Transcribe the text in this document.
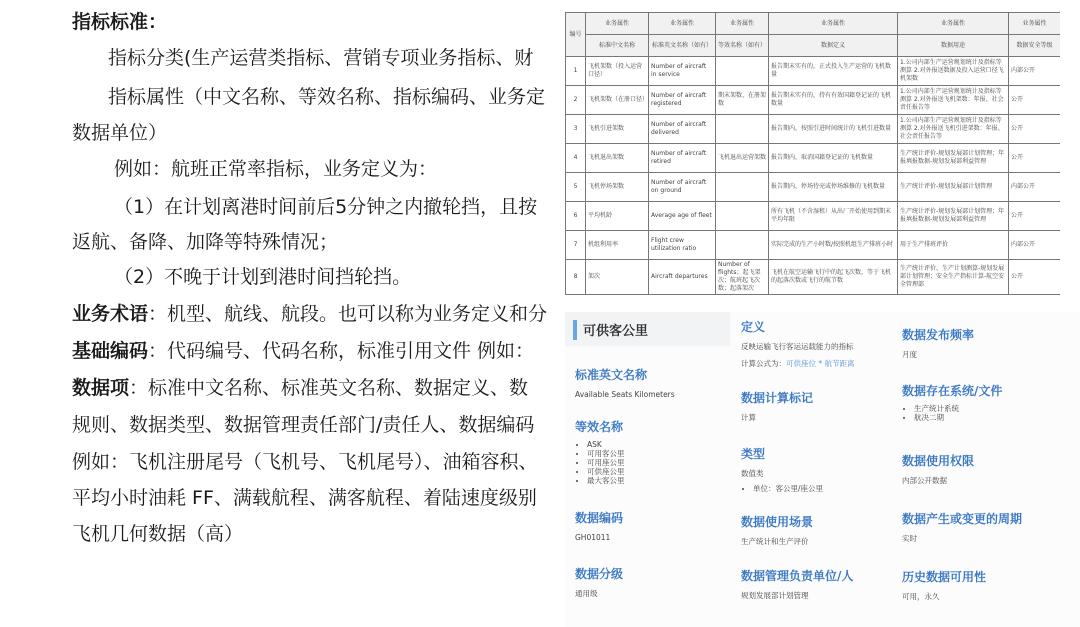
指标标准：
指标分类(生产运营类指标、营销专项业务指标、财
指标属性（中文名称、等效名称、指标编码、业务定
数据单位）
例如：航班正常率指标，业务定义为：
（1）在计划离港时间前后5分钟之内撤轮挡，且按
返航、备降、加降等特殊情况；
（2）不晚于计划到港时间挡轮挡。
业务术语：机型、航线、航段。也可以称为业务定义和分
基础编码：代码编号、代码名称，标准引用文件 例如：
数据项：标准中文名称、标准英文名称、数据定义、数
规则、数据类型、数据管理责任部门/责任人、数据编码
例如：飞机注册尾号（飞机号、飞机尾号）、油箱容积、
平均小时油耗 FF、满载航程、满客航程、着陆速度级别
飞机几何数据（高）
编号	业务属性	业务属性	业务属性	业务属性	业务属性	业务属性
	标准中文名称	标准英文名称（如有）	等效名称（如有）	数据定义	数据用途	数据安全等级
1	飞机架数（投入运营口径）	Number of aircraft in service		报告期末实有的，正式投入生产运营的飞机数量	1.公司内部生产运营规划统计及指标等测算 2.对外报送数据及投入运营口径飞机架数	内部公开
2	飞机架数（在册口径）	Number of aircraft registered	期末架数、在册架数	报告期末实有的，持有有效国籍登记证的飞机数量	1.公司内部生产运营规划统计及指标等测算 2.对外报送飞机架数：年报、社会责任报告等	公开
3	飞机引进架数	Number of aircraft delivered		报告期内，按照引进时间统计的飞机引进数量	1.公司内部生产运营规划统计及指标等测算 2.对外报送飞机引进架数：年报、社会责任报告等	公开
4	飞机退出架数	Number of aircraft retired	飞机退出运营架数	报告期内，取消国籍登记证的飞机数量	生产统计评价-规划发展部计划管理；年报填报数据-规划发展部利益管理	公开
5	飞机停场架数	Number of aircraft on ground		报告期内，停场待売或停场维修的飞机数量	生产统计评价-规划发展部计划管理	内部公开
6	平均机龄	Average age of fleet		所有飞机（不含湿租）从出厂开始使用到期末平均年限	生产统计评价-规划发展部计划管理；年报填报数据-规划发展部利益管理	公开
7	机组利用率	Flight crew utilization ratio		实际完成的生产小时数/按照机组生产排班小时	用于生产排班评价	内部公开
8	架次	Aircraft departures	Number of flights；起飞架次；航班起飞次数；起落架次	飞机在航空运输飞行中的起飞次数，等于飞机的起落次数或飞行的航节数	生产统计评价、生产计划测算-规划发展部计划管理；安全生产指标计算-航空安全管理部	公开
可供客公里
标准英文名称
Available Seats Kilometers
等效名称
• ASK
• 可用客公里
• 可用座公里
• 可供座公里
• 最大客公里
数据编码
GH01011
数据分级
通用级
定义
反映运输飞行客运运载能力的指标
计算公式为：可供座位 * 航节距离
数据计算标记
计算
类型
数值类
• 单位：客公里/座公里
数据使用场景
生产统计和生产评价
数据管理负责单位/人
规划发展部计划管理
数据发布频率
月度
数据存在系统/文件
• 生产统计系统
• 航决二期
数据使用权限
内部公开数据
数据产生或变更的周期
实时
历史数据可用性
可用，永久
